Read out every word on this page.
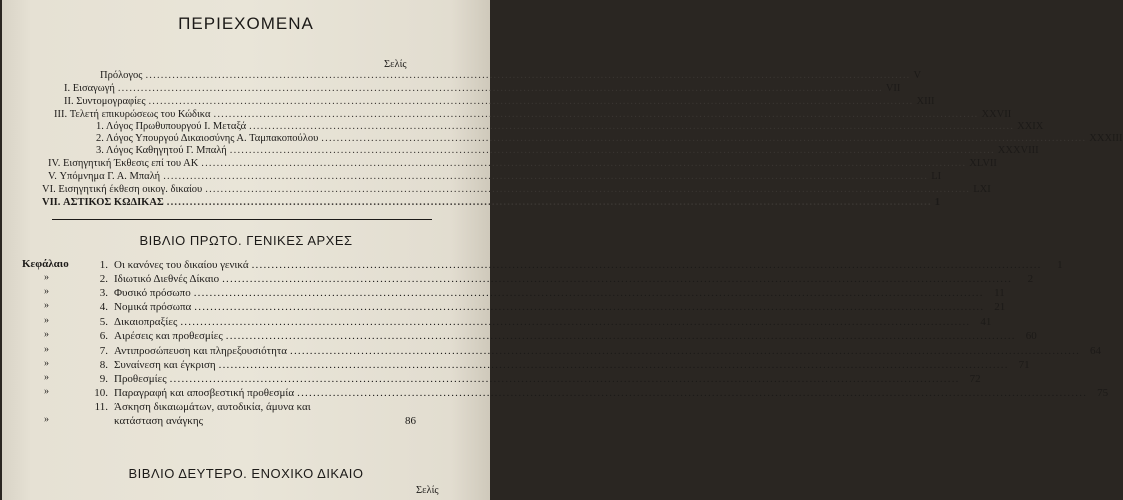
ΠΕΡΙΕΧΟΜΕΝΑ
Σελίς
Πρόλογος ........................................................................................................................................................................................................ V
I. Εισαγωγή ........................................................................................................................................................................................................ VII
II. Συντομογραφίες ........................................................................................................................................................................................................ XIII
III. Τελετή επικυρώσεως του Κώδικα ........................................................................................................................................................................................................ XXVII
1. Λόγος Πρωθυπουργού Ι. Μεταξά ........................................................................................................................................................................................................ XXIX
2. Λόγος Υπουργού Δικαιοσύνης Α. Ταμπακοπούλου ........................................................................................................................................................................................................ XXXIII
3. Λόγος Καθηγητού Γ. Μπαλή ........................................................................................................................................................................................................ XXXVIII
IV. Εισηγητική Έκθεσις επί του ΑΚ ........................................................................................................................................................................................................ XLVII
V. Υπόμνημα Γ. Α. Μπαλή ........................................................................................................................................................................................................ LI
VI. Εισηγητική έκθεση οικογ. δικαίου ........................................................................................................................................................................................................ LXI
VII. ΑΣΤΙΚΟΣ ΚΩΔΙΚΑΣ ........................................................................................................................................................................................................ 1
ΒΙΒΛΙΟ ΠΡΩΤΟ. ΓΕΝΙΚΕΣ ΑΡΧΕΣ
Κεφάλαιο	1. Οι κανόνες του δικαίου γενικά ........................................................................................................................................................................................................	1
»	2. Ιδιωτικό Διεθνές Δίκαιο ........................................................................................................................................................................................................	2
»	3. Φυσικό πρόσωπο ........................................................................................................................................................................................................ 11
»	4. Νομικά πρόσωπα ........................................................................................................................................................................................................ 21
»	5. Δικαιοπραξίες ........................................................................................................................................................................................................ 41
»	6. Αιρέσεις και προθεσμίες ........................................................................................................................................................................................................ 60
»	7. Αντιπροσώπευση και πληρεξουσιότητα ........................................................................................................................................................................................................ 64
»	8. Συναίνεση και έγκριση ........................................................................................................................................................................................................ 71
»	9. Προθεσμίες ........................................................................................................................................................................................................ 72
»	10. Παραγραφή και αποσβεστική προθεσμία ........................................................................................................................................................................................................ 75
11. Άσκηση δικαιωμάτων, αυτοδικία, άμυνα και
κατάσταση ανάγκης	86
»
ΒΙΒΛΙΟ ΔΕΥΤΕΡΟ. ΕΝΟΧΙΚΟ ΔΙΚΑΙΟ
Σελίς
